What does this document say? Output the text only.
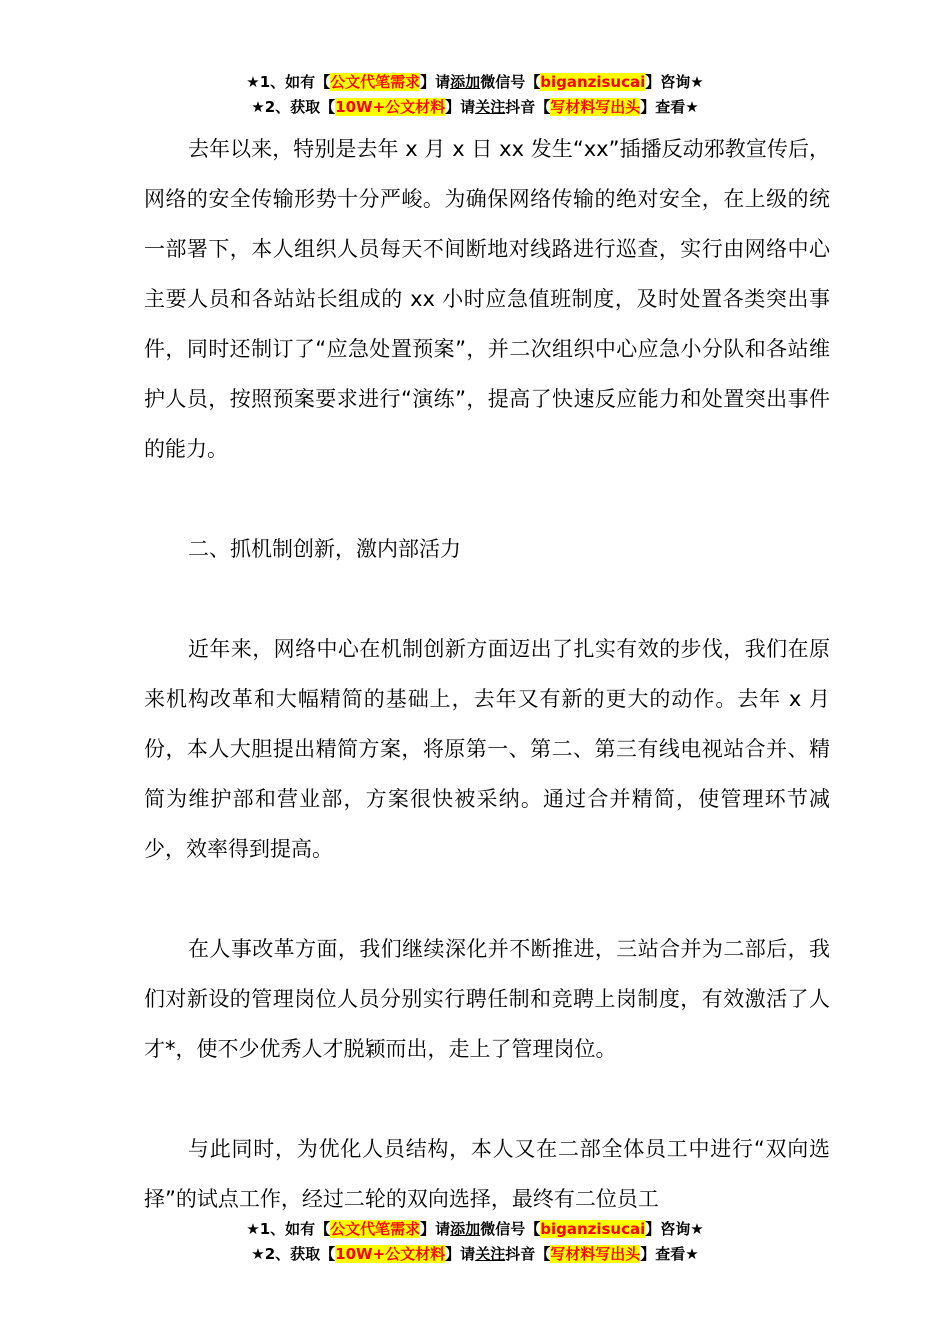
★1、如有【公文代笔需求】请添加微信号【biganzisucai】咨询★
★2、获取【10W+公文材料】请关注抖音【写材料写出头】查看★

去年以来，特别是去年 x 月 x 日 xx 发生“xx”插播反动邪教宣传后，网络的安全传输形势十分严峻。为确保网络传输的绝对安全，在上级的统一部署下，本人组织人员每天不间断地对线路进行巡查，实行由网络中心主要人员和各站站长组成的 xx 小时应急值班制度，及时处置各类突出事件，同时还制订了“应急处置预案”，并二次组织中心应急小分队和各站维护人员，按照预案要求进行“演练”，提高了快速反应能力和处置突出事件的能力。

二、抓机制创新，激内部活力

近年来，网络中心在机制创新方面迈出了扎实有效的步伐，我们在原来机构改革和大幅精简的基础上，去年又有新的更大的动作。去年 x 月份，本人大胆提出精简方案，将原第一、第二、第三有线电视站合并、精简为维护部和营业部，方案很快被采纳。通过合并精简，使管理环节减少，效率得到提高。

在人事改革方面，我们继续深化并不断推进，三站合并为二部后，我们对新设的管理岗位人员分别实行聘任制和竞聘上岗制度，有效激活了人才*，使不少优秀人才脱颖而出，走上了管理岗位。

与此同时，为优化人员结构，本人又在二部全体员工中进行“双向选择”的试点工作，经过二轮的双向选择，最终有二位员工

★1、如有【公文代笔需求】请添加微信号【biganzisucai】咨询★
★2、获取【10W+公文材料】请关注抖音【写材料写出头】查看★
